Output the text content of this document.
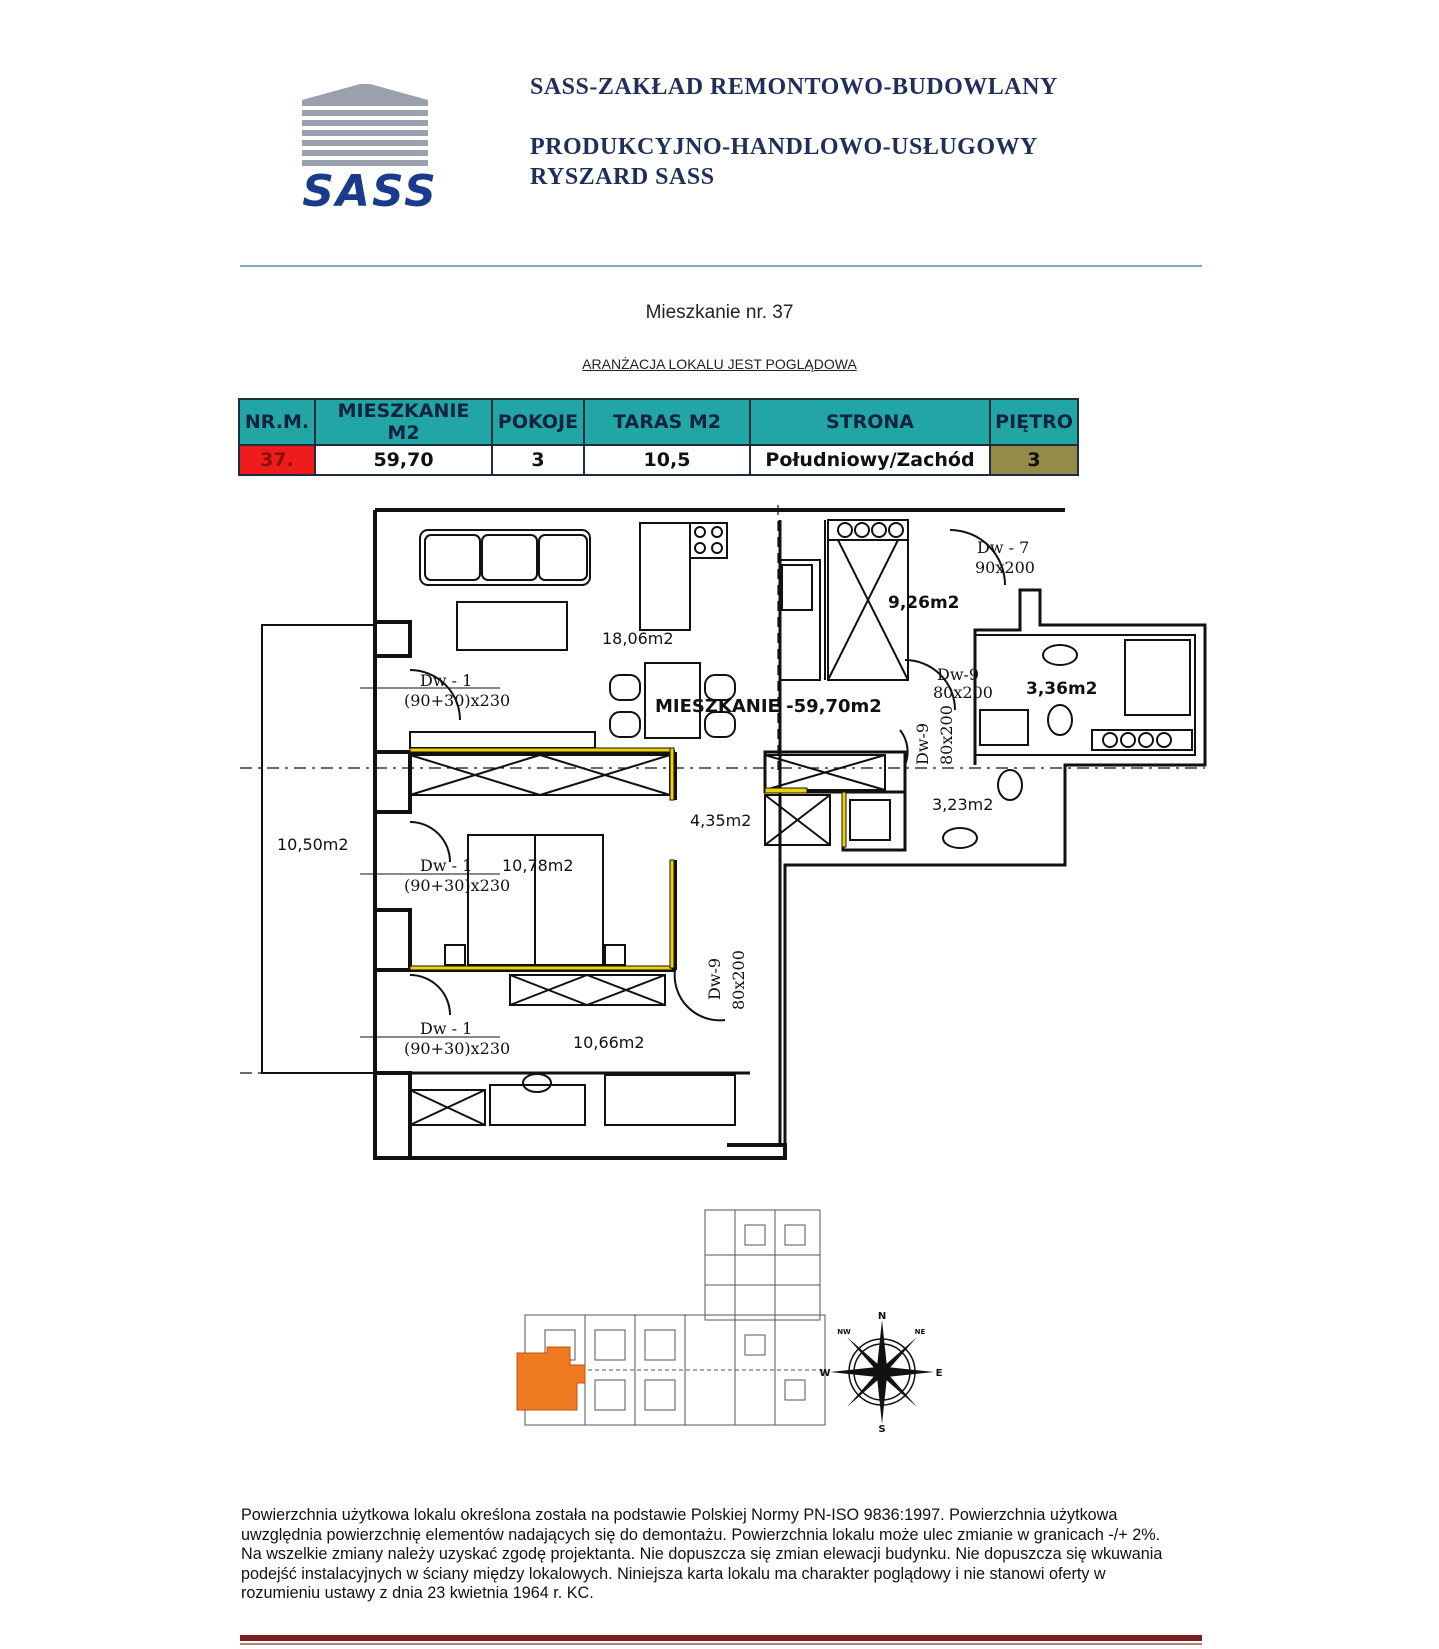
SASS
SASS-ZAKŁAD REMONTOWO-BUDOWLANY
PRODUKCYJNO-HANDLOWO-USŁUGOWY
RYSZARD SASS
Mieszkanie nr. 37
ARANŻACJA LOKALU JEST POGLĄDOWA
NR.M.	MIESZKANIE M2	POKOJE	TARAS M2	STRONA	PIĘTRO
37.	59,70	3	10,5	Południowy/Zachód	3
18,06m2
9,26m2
3,36m2
3,23m2
4,35m2
10,78m2
10,66m2
10,50m2
MIESZKANIE -59,70m2
Dw - 1
(90+30)x230
Dw - 1
(90+30)x230
Dw - 1
(90+30)x230
Dw - 7
90x200
Dw-9
80x200
Dw-9 80x200
Dw-9 80x200
N
S
E
W
NE
NW
Powierzchnia użytkowa lokalu określona została na podstawie Polskiej Normy PN-ISO 9836:1997. Powierzchnia użytkowa uwzględnia powierzchnię elementów nadających się do demontażu. Powierzchnia lokalu może ulec zmianie w granicach -/+ 2%. Na wszelkie zmiany należy uzyskać zgodę projektanta. Nie dopuszcza się zmian elewacji budynku. Nie dopuszcza się wkuwania podejść instalacyjnych w ściany między lokalowych. Niniejsza karta lokalu ma charakter poglądowy i nie stanowi oferty w rozumieniu ustawy z dnia 23 kwietnia 1964 r. KC.
